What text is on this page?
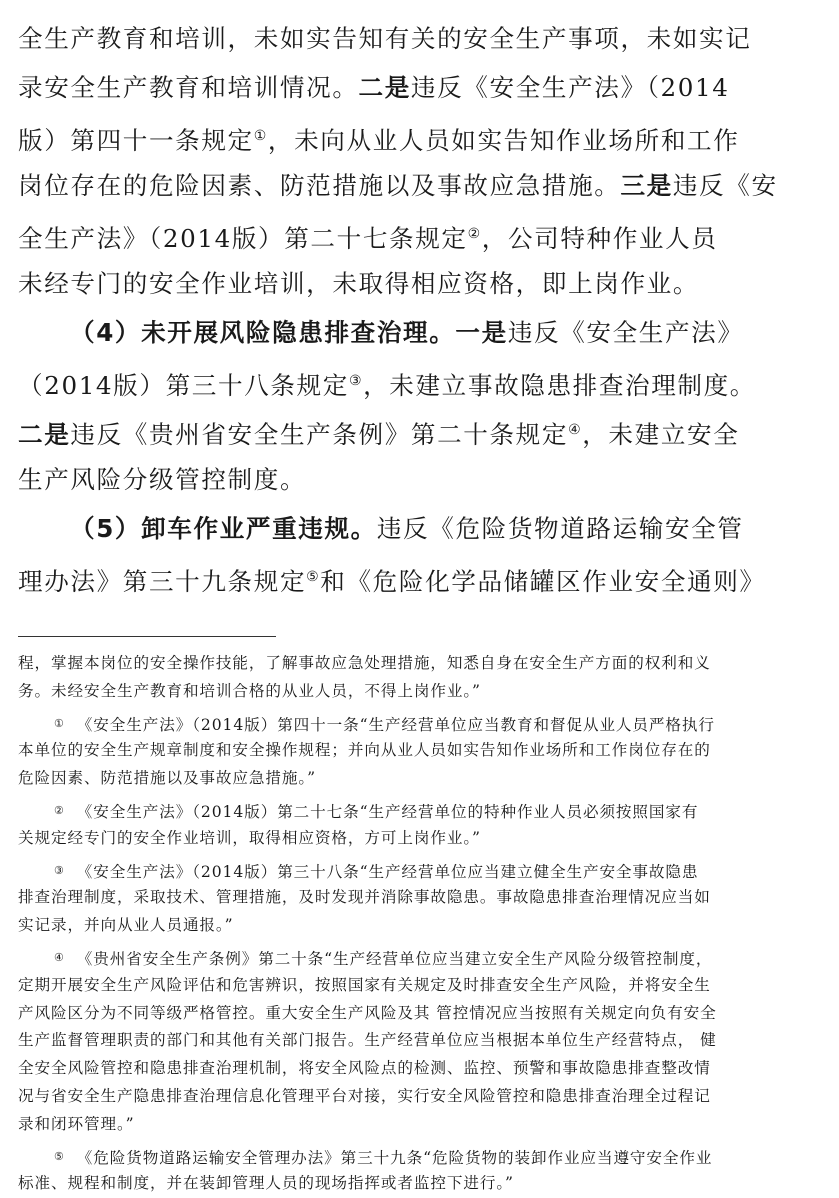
全生产教育和培训，未如实告知有关的安全生产事项，未如实记
录安全生产教育和培训情况。二是违反《安全生产法》（2014
版）第四十一条规定①，未向从业人员如实告知作业场所和工作
岗位存在的危险因素、防范措施以及事故应急措施。三是违反《安
全生产法》（2014版）第二十七条规定②，公司特种作业人员
未经专门的安全作业培训，未取得相应资格，即上岗作业。
（4）未开展风险隐患排查治理。一是违反《安全生产法》
（2014版）第三十八条规定③，未建立事故隐患排查治理制度。
二是违反《贵州省安全生产条例》第二十条规定④，未建立安全
生产风险分级管控制度。
（5）卸车作业严重违规。违反《危险货物道路运输安全管
理办法》第三十九条规定⑤和《危险化学品储罐区作业安全通则》
程，掌握本岗位的安全操作技能，了解事故应急处理措施，知悉自身在安全生产方面的权利和义
务。未经安全生产教育和培训合格的从业人员，不得上岗作业。”
① 《安全生产法》（2014版）第四十一条“生产经营单位应当教育和督促从业人员严格执行
本单位的安全生产规章制度和安全操作规程；并向从业人员如实告知作业场所和工作岗位存在的
危险因素、防范措施以及事故应急措施。”
② 《安全生产法》（2014版）第二十七条“生产经营单位的特种作业人员必须按照国家有
关规定经专门的安全作业培训，取得相应资格，方可上岗作业。”
③ 《安全生产法》（2014版）第三十八条“生产经营单位应当建立健全生产安全事故隐患
排查治理制度，采取技术、管理措施，及时发现并消除事故隐患。事故隐患排查治理情况应当如
实记录，并向从业人员通报。”
④ 《贵州省安全生产条例》第二十条“生产经营单位应当建立安全生产风险分级管控制度，
定期开展安全生产风险评估和危害辨识，按照国家有关规定及时排查安全生产风险，并将安全生
产风险区分为不同等级严格管控。重大安全生产风险及其 管控情况应当按照有关规定向负有安全
生产监督管理职责的部门和其他有关部门报告。生产经营单位应当根据本单位生产经营特点， 健
全安全风险管控和隐患排查治理机制，将安全风险点的检测、监控、预警和事故隐患排查整改情
况与省安全生产隐患排查治理信息化管理平台对接，实行安全风险管控和隐患排查治理全过程记
录和闭环管理。”
⑤ 《危险货物道路运输安全管理办法》第三十九条“危险货物的装卸作业应当遵守安全作业
标准、规程和制度，并在装卸管理人员的现场指挥或者监控下进行。”
